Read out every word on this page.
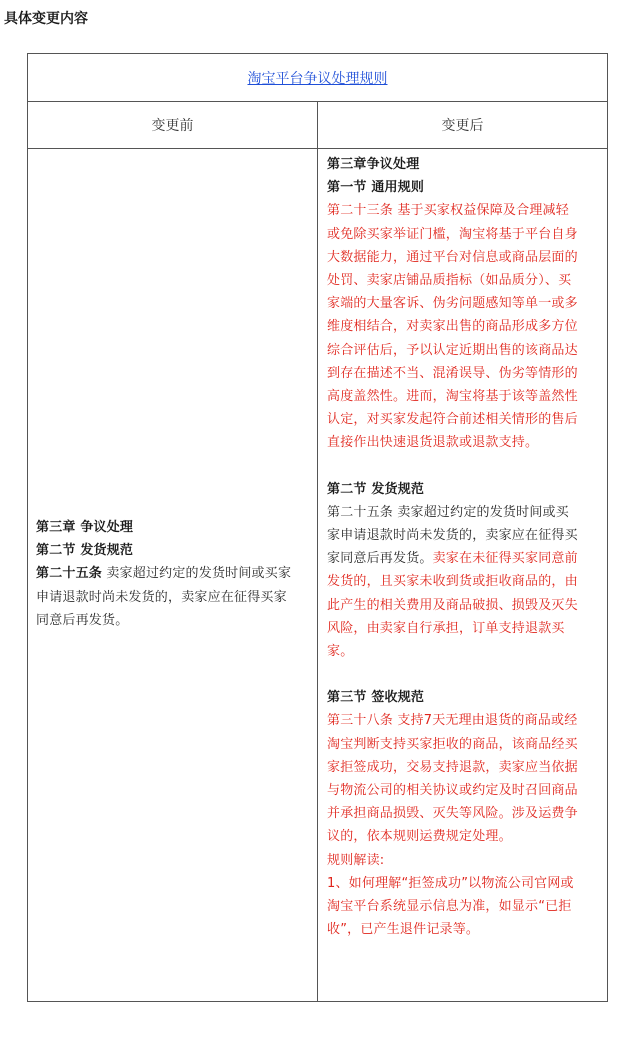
具体变更内容
淘宝平台争议处理规则
变更前	变更后

第三章 争议处理

第二节 发货规范

第二十五条 卖家超过约定的发货时间或买家

申请退款时尚未发货的，卖家应在征得买家

同意后再发货。

第三章争议处理

第一节 通用规则

第二十三条 基于买家权益保障及合理减轻

或免除买家举证门槛，淘宝将基于平台自身

大数据能力，通过平台对信息或商品层面的

处罚、卖家店铺品质指标（如品质分）、买

家端的大量客诉、伪劣问题感知等单一或多

维度相结合，对卖家出售的商品形成多方位

综合评估后，予以认定近期出售的该商品达

到存在描述不当、混淆误导、伪劣等情形的

高度盖然性。进而，淘宝将基于该等盖然性

认定，对买家发起符合前述相关情形的售后

直接作出快速退货退款或退款支持。

第二节 发货规范

第二十五条 卖家超过约定的发货时间或买

家申请退款时尚未发货的，卖家应在征得买

家同意后再发货。卖家在未征得买家同意前

发货的，且买家未收到货或拒收商品的，由

此产生的相关费用及商品破损、损毁及灭失

风险，由卖家自行承担，订单支持退款买

家。

第三节 签收规范

第三十八条 支持7天无理由退货的商品或经

淘宝判断支持买家拒收的商品，该商品经买

家拒签成功，交易支持退款，卖家应当依据

与物流公司的相关协议或约定及时召回商品

并承担商品损毁、灭失等风险。涉及运费争

议的，依本规则运费规定处理。

规则解读:

1、如何理解“拒签成功”以物流公司官网或

淘宝平台系统显示信息为准，如显示“已拒

收”，已产生退件记录等。
